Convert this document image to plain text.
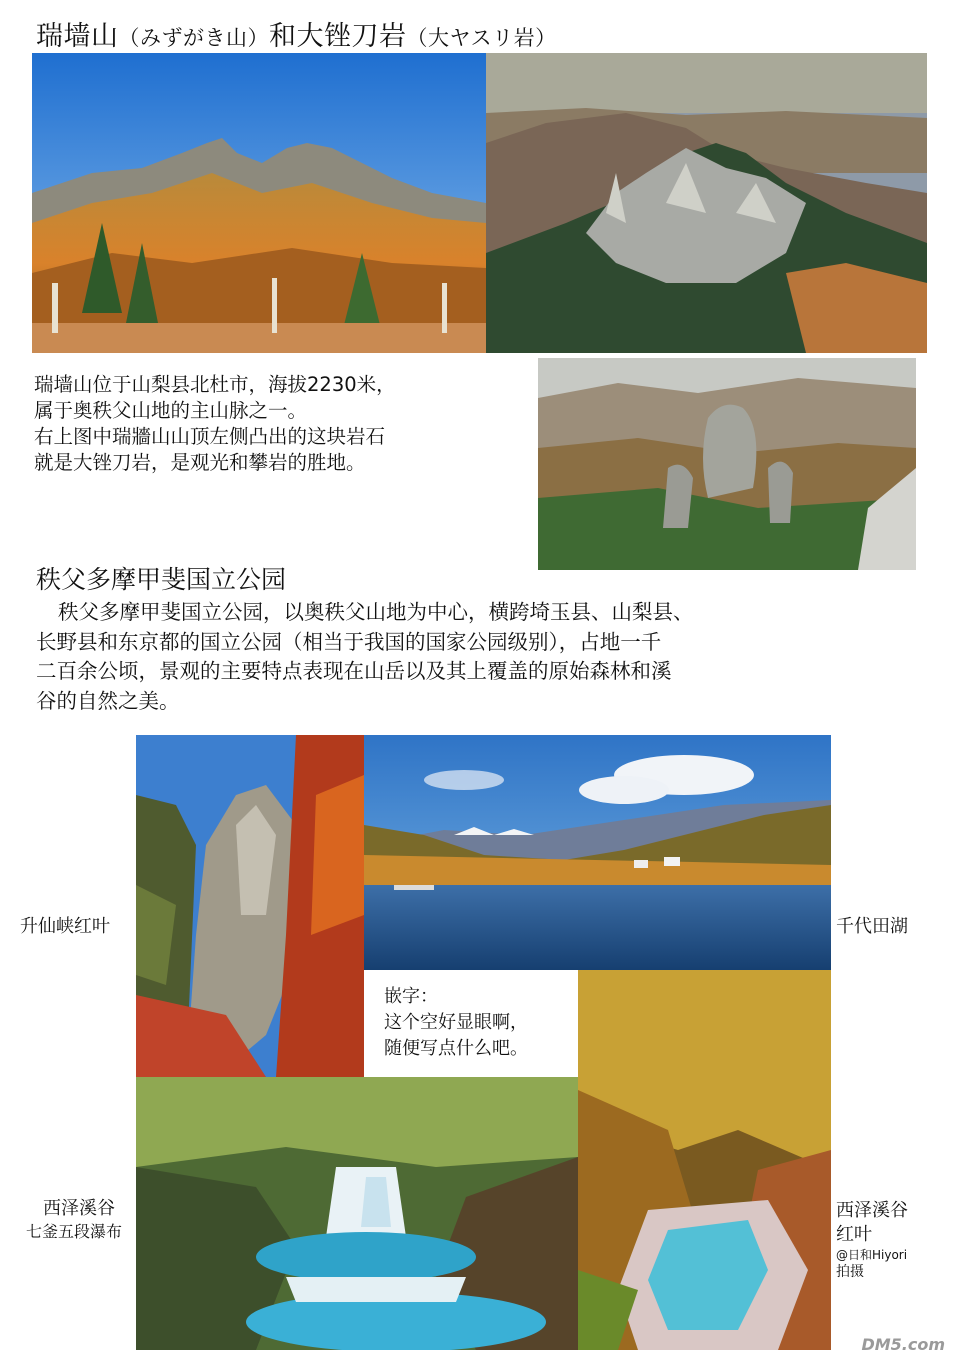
瑞墙山（みずがき山）和大锉刀岩（大ヤスリ岩）
瑞墙山位于山梨县北杜市，海拔2230米，
属于奥秩父山地的主山脉之一。
右上图中瑞牆山山顶左侧凸出的这块岩石
就是大锉刀岩，是观光和攀岩的胜地。
秩父多摩甲斐国立公园
秩父多摩甲斐国立公园，以奥秩父山地为中心，横跨埼玉县、山梨县、
长野县和东京都的国立公园（相当于我国的国家公园级别），占地一千
二百余公顷，景观的主要特点表现在山岳以及其上覆盖的原始森林和溪
谷的自然之美。
嵌字：
这个空好显眼啊，
随便写点什么吧。
升仙峡红叶	千代田湖
西泽溪谷
七釜五段瀑布
西泽溪谷
红叶
@日和Hiyori
拍摄
DM5.com
